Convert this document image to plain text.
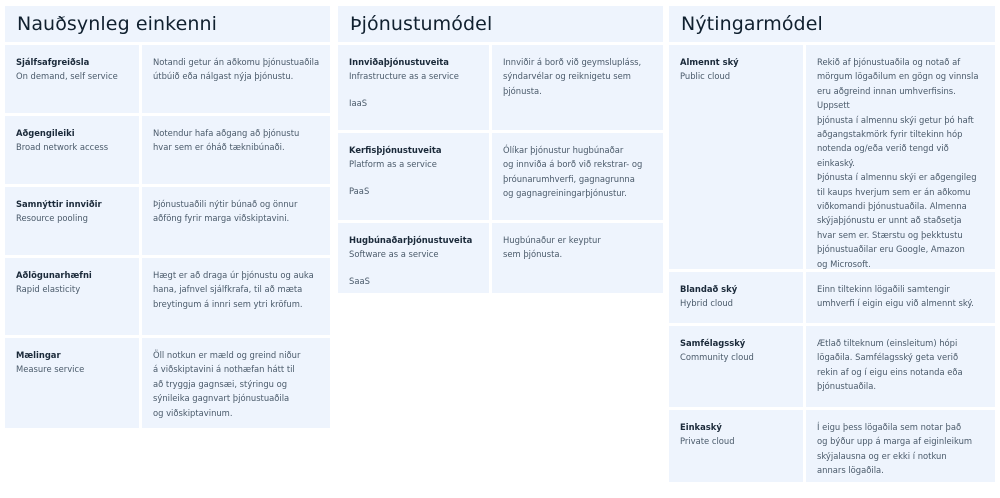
Nauðsynleg einkenni
Sjálfsafgreiðsla
On demand, self service
Notandi getur án aðkomu þjónustuaðila
útbúið eða nálgast nýja þjónustu.
Aðgengileiki
Broad network access
Notendur hafa aðgang að þjónustu
hvar sem er óháð tæknibúnaði.
Samnýttir innviðir
Resource pooling
Þjónustuaðili nýtir búnað og önnur
aðföng fyrir marga viðskiptavini.
Aðlögunarhæfni
Rapid elasticity
Hægt er að draga úr þjónustu og auka
hana, jafnvel sjálfkrafa, til að mæta
breytingum á innri sem ytri kröfum.
Mælingar
Measure service
Öll notkun er mæld og greind niður
á viðskiptavini á nothæfan hátt til
að tryggja gagnsæi, stýringu og
sýnileika gagnvart þjónustuaðila
og viðskiptavinum.
Þjónustumódel
Innviðaþjónustuveita
Infrastructure as a service
IaaS
Innviðir á borð við geymslupláss,
sýndarvélar og reiknigetu sem
þjónusta.
Kerfisþjónustuveita
Platform as a service
PaaS
Ólíkar þjónustur hugbúnaðar
og innviða á borð við rekstrar- og
þróunarumhverfi, gagnagrunna
og gagnagreiningarþjónustur.
Hugbúnaðarþjónustuveita
Software as a service
SaaS
Hugbúnaður er keyptur
sem þjónusta.
Nýtingarmódel
Almennt ský
Public cloud
Rekið af þjónustuaðila og notað af
mörgum lögaðilum en gögn og vinnsla
eru aðgreind innan umhverfisins. Uppsett
þjónusta í almennu skýi getur þó haft
aðgangstakmörk fyrir tiltekinn hóp
notenda og/eða verið tengd við einkaský.
Þjónusta í almennu skýi er aðgengileg
til kaups hverjum sem er án aðkomu
viðkomandi þjónustuaðila. Almenna
skýjaþjónustu er unnt að staðsetja
hvar sem er. Stærstu og þekktustu
þjónustuaðilar eru Google, Amazon
og Microsoft.
Blandað ský
Hybrid cloud
Einn tiltekinn lögaðili samtengir
umhverfi í eigin eigu við almennt ský.
Samfélagsský
Community cloud
Ætlað tilteknum (einsleitum) hópi
lögaðila. Samfélagsský geta verið
rekin af og í eigu eins notanda eða
þjónustuaðila.
Einkaský
Private cloud
Í eigu þess lögaðila sem notar það
og býður upp á marga af eiginleikum
skýjalausna og er ekki í notkun
annars lögaðila.
